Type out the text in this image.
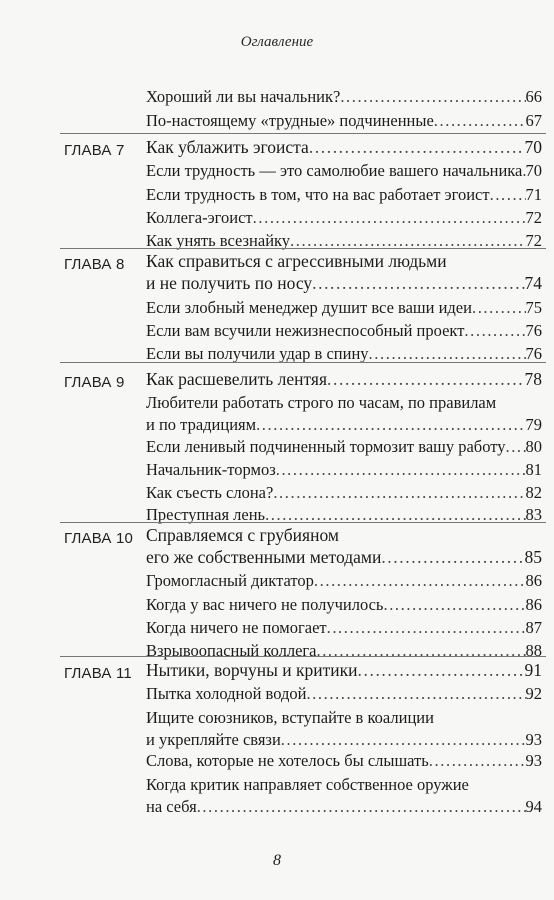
Оглавление
Хороший ли вы начальник? .....	66
По-настоящему «трудные» подчиненные .....	67
ГЛАВА 7 Как ублажить эгоиста .....	70
Если трудность — это самолюбие вашего начальника ..... 70
Если трудность в том, что на вас работает эгоист ..... 71
Коллега-эгоист .....	72
Как унять всезнайку .....	72
ГЛАВА 8 Как справиться с агрессивными людьми
и не получить по носу .....	74
Если злобный менеджер душит все ваши идеи .....	75
Если вам всучили нежизнеспособный проект .....	76
Если вы получили удар в спину .....	76
ГЛАВА 9 Как расшевелить лентяя .....	78
Любители работать строго по часам, по правилам
и по традициям .....	79
Если ленивый подчиненный тормозит вашу работу ..... 80
Начальник-тормоз .....	81
Как съесть слона? .....	82
Преступная лень .....	83
ГЛАВА 10 Справляемся с грубияном
его же собственными методами .....	85
Громогласный диктатор .....	86
Когда у вас ничего не получилось .....	86
Когда ничего не помогает .....	87
Взрывоопасный коллега .....	88
ГЛАВА 11 Нытики, ворчуны и критики .....	91
Пытка холодной водой .....	92
Ищите союзников, вступайте в коалиции
и укрепляйте связи .....	93
Слова, которые не хотелось бы слышать .....	93
Когда критик направляет собственное оружие
на себя .....	94
8
